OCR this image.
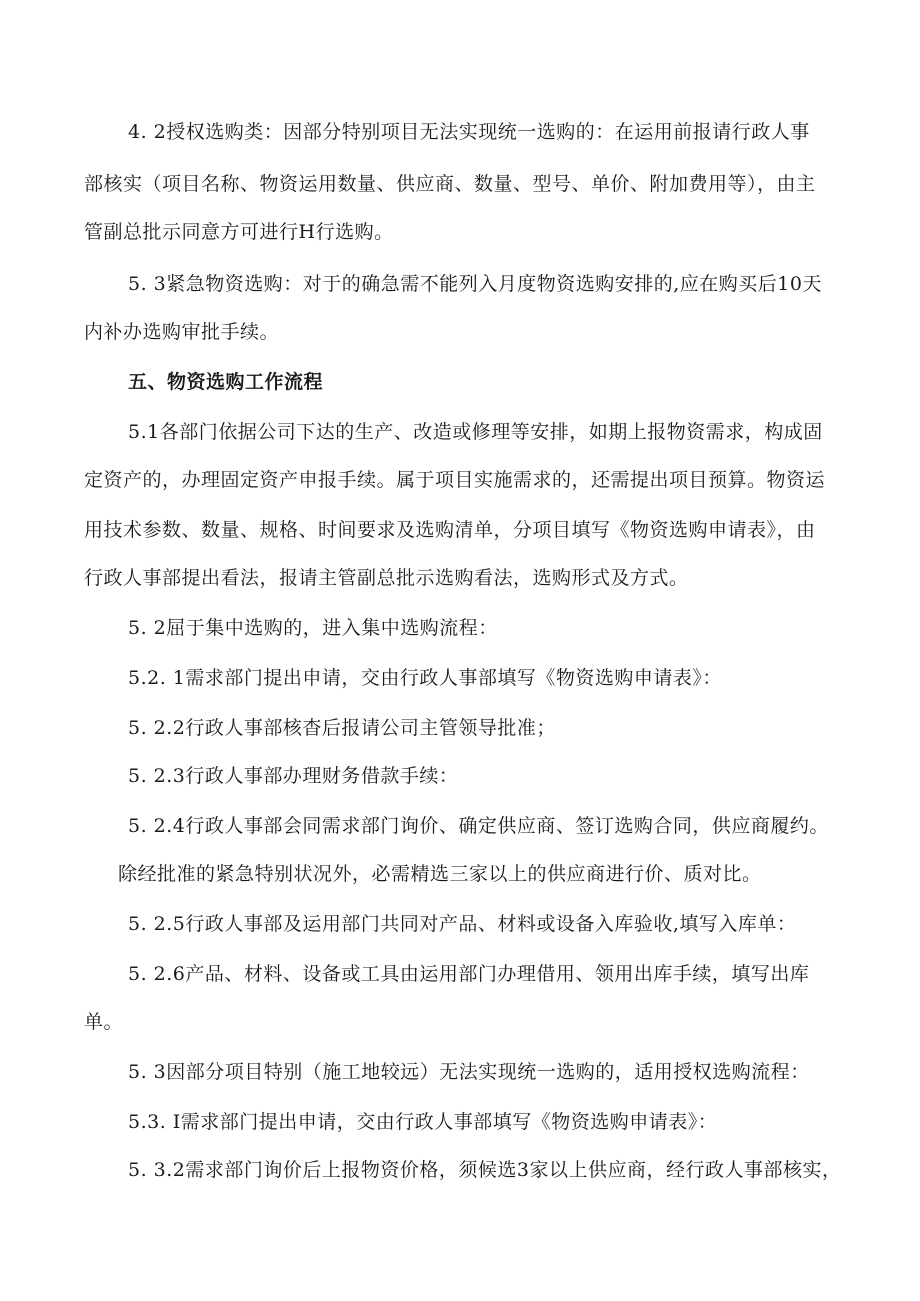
4. 2授权选购类：因部分特别项目无法实现统一选购的：在运用前报请行政人事
部核实（项目名称、物资运用数量、供应商、数量、型号、单价、附加费用等），由主
管副总批示同意方可进行H行选购。
5. 3紧急物资选购：对于的确急需不能列入月度物资选购安排的,应在购买后10天
内补办选购审批手续。
五、物资选购工作流程
5.1各部门依据公司下达的生产、改造或修理等安排，如期上报物资需求，构成固
定资产的，办理固定资产申报手续。属于项目实施需求的，还需提出项目预算。物资运
用技术参数、数量、规格、时间要求及选购清单，分项目填写《物资选购申请表》，由
行政人事部提出看法，报请主管副总批示选购看法，选购形式及方式。
5. 2屈于集中选购的，进入集中选购流程：
5.2. 1需求部门提出申请，交由行政人事部填写《物资选购申请表》：
5. 2.2行政人事部核杳后报请公司主管领导批准；
5. 2.3行政人事部办理财务借款手续：
5. 2.4行政人事部会同需求部门询价、确定供应商、签订选购合同，供应商履约。
除经批准的紧急特别状况外，必需精选三家以上的供应商进行价、质对比。
5. 2.5行政人事部及运用部门共同对产品、材料或设备入库验收,填写入库单：
5. 2.6产品、材料、设备或工具由运用部门办理借用、领用出库手续，填写出库
单。
5. 3因部分项目特别（施工地较远）无法实现统一选购的，适用授权选购流程：
5.3. I需求部门提出申请，交由行政人事部填写《物资选购申请表》：
5. 3.2需求部门询价后上报物资价格，须候选3家以上供应商，经行政人事部核实，
